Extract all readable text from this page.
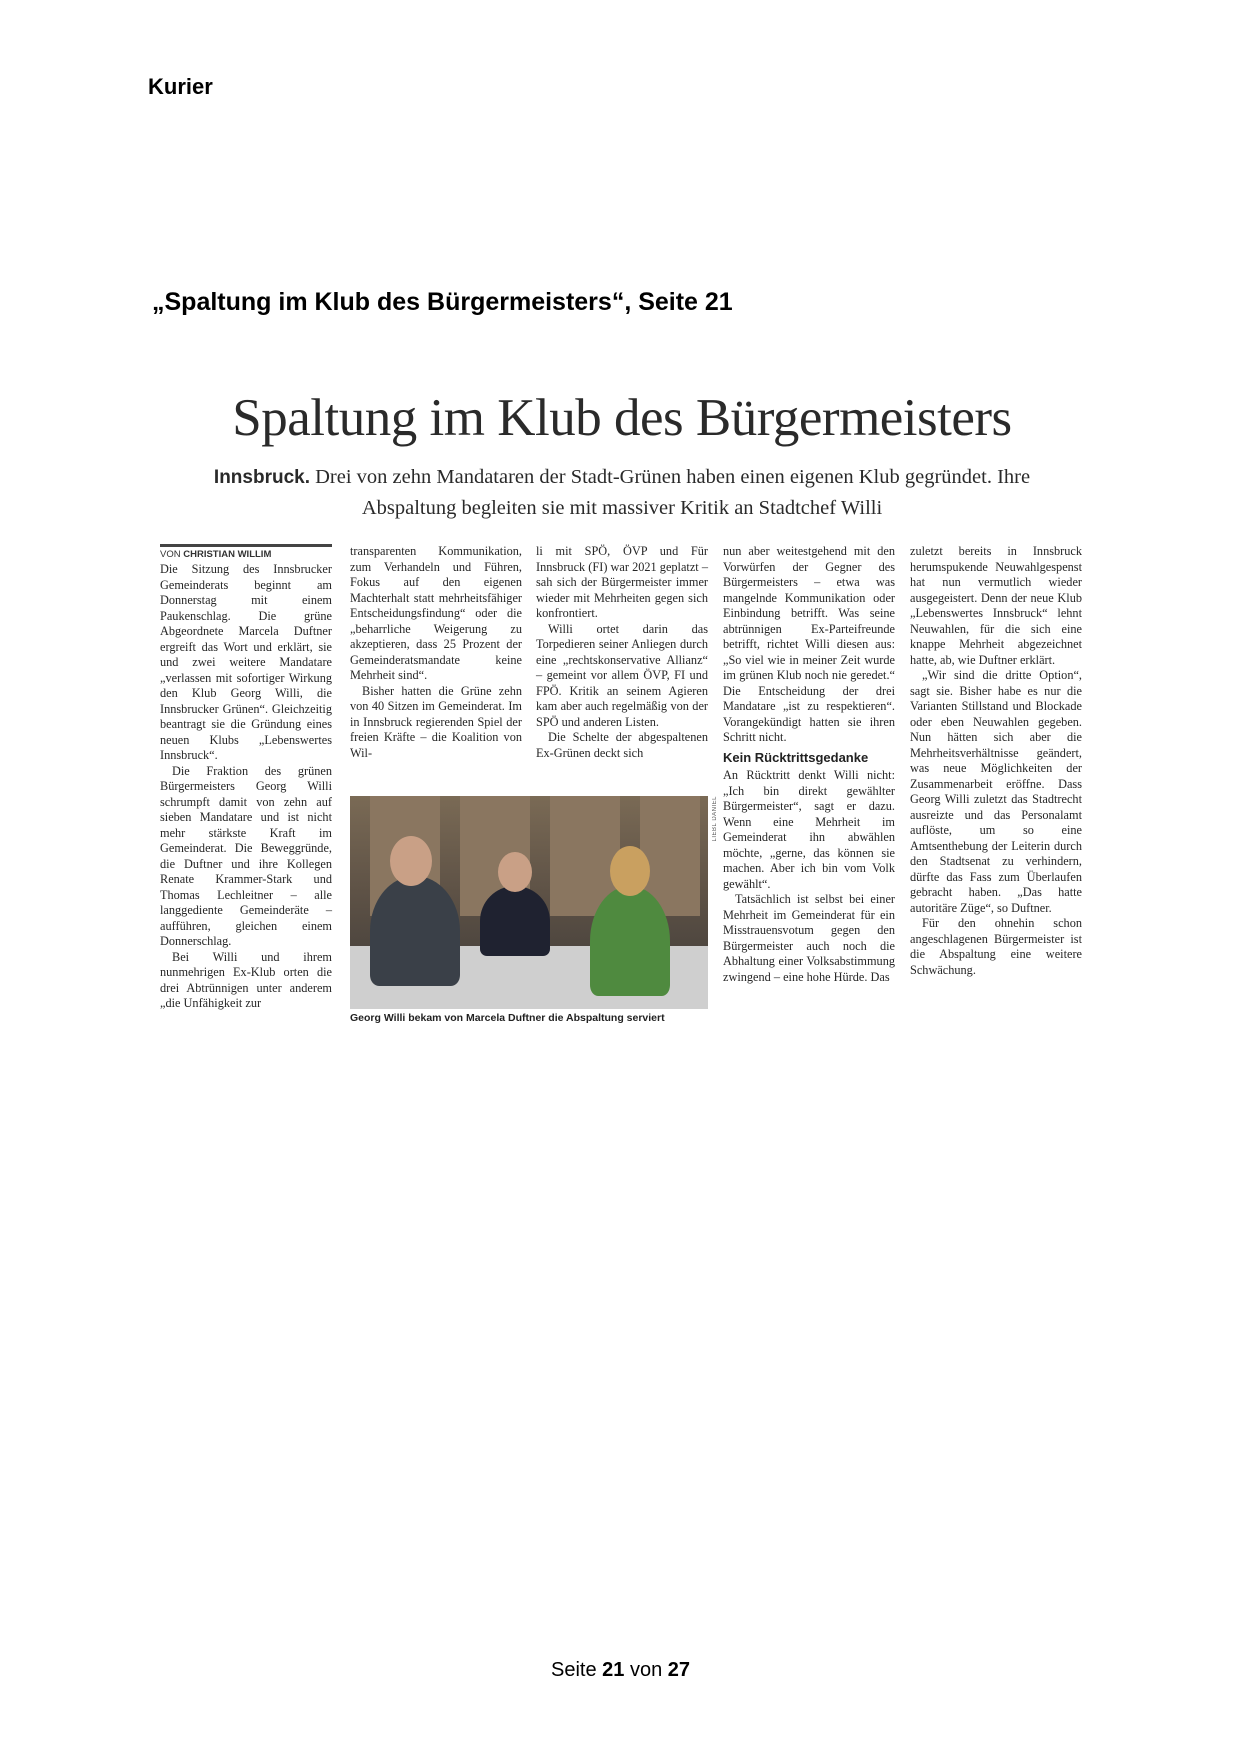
Kurier
„Spaltung im Klub des Bürgermeisters“, Seite 21
Spaltung im Klub des Bürgermeisters
Innsbruck. Drei von zehn Mandataren der Stadt-Grünen haben einen eigenen Klub gegründet. Ihre Abspaltung begleiten sie mit massiver Kritik an Stadtchef Willi
VON CHRISTIAN WILLIM

Die Sitzung des Innsbrucker Gemeinderats beginnt am Donnerstag mit einem Paukenschlag. Die grüne Abgeordnete Marcela Duftner ergreift das Wort und erklärt, sie und zwei weitere Mandatare „verlassen mit sofortiger Wirkung den Klub Georg Willi, die Innsbrucker Grünen“. Gleichzeitig beantragt sie die Gründung eines neuen Klubs „Lebenswertes Innsbruck“.

Die Fraktion des grünen Bürgermeisters Georg Willi schrumpft damit von zehn auf sieben Mandatare und ist nicht mehr stärkste Kraft im Gemeinderat. Die Beweggründe, die Duftner und ihre Kollegen Renate Krammer-Stark und Thomas Lechleitner – alle langgediente Gemeinderäte – aufführen, gleichen einem Donnerschlag.

Bei Willi und ihrem nunmehrigen Ex-Klub orten die drei Abtrünnigen unter anderem „die Unfähigkeit zur

transparenten Kommunikation, zum Verhandeln und Führen, Fokus auf den eigenen Machterhalt statt mehrheitsfähiger Entscheidungsfindung“ oder die „beharrliche Weigerung zu akzeptieren, dass 25 Prozent der Gemeinderatsmandate keine Mehrheit sind“.

Bisher hatten die Grüne zehn von 40 Sitzen im Gemeinderat. Im in Innsbruck regierenden Spiel der freien Kräfte – die Koalition von Wil-

li mit SPÖ, ÖVP und Für Innsbruck (FI) war 2021 geplatzt – sah sich der Bürgermeister immer wieder mit Mehrheiten gegen sich konfrontiert.

Willi ortet darin das Torpedieren seiner Anliegen durch eine „rechtskonservative Allianz“ – gemeint vor allem ÖVP, FI und FPÖ. Kritik an seinem Agieren kam aber auch regelmäßig von der SPÖ und anderen Listen.

Die Schelte der abgespaltenen Ex-Grünen deckt sich

nun aber weitestgehend mit den Vorwürfen der Gegner des Bürgermeisters – etwa was mangelnde Kommunikation oder Einbindung betrifft. Was seine abtrünnigen Ex-Parteifreunde betrifft, richtet Willi diesen aus: „So viel wie in meiner Zeit wurde im grünen Klub noch nie geredet.“ Die Entscheidung der drei Mandatare „ist zu respektieren“. Vorangekündigt hatten sie ihren Schritt nicht.

Kein Rücktrittsgedanke

An Rücktritt denkt Willi nicht: „Ich bin direkt gewählter Bürgermeister“, sagt er dazu. Wenn eine Mehrheit im Gemeinderat ihn abwählen möchte, „gerne, das können sie machen. Aber ich bin vom Volk gewählt“.

Tatsächlich ist selbst bei einer Mehrheit im Gemeinderat für ein Misstrauensvotum gegen den Bürgermeister auch noch die Abhaltung einer Volksabstimmung zwingend – eine hohe Hürde. Das

zuletzt bereits in Innsbruck herumspukende Neuwahlgespenst hat nun vermutlich wieder ausgegeistert. Denn der neue Klub „Lebenswertes Innsbruck“ lehnt Neuwahlen, für die sich eine knappe Mehrheit abgezeichnet hatte, ab, wie Duftner erklärt.

„Wir sind die dritte Option“, sagt sie. Bisher habe es nur die Varianten Stillstand und Blockade oder eben Neuwahlen gegeben. Nun hätten sich aber die Mehrheitsverhältnisse geändert, was neue Möglichkeiten der Zusammenarbeit eröffne. Dass Georg Willi zuletzt das Stadtrecht ausreizte und das Personalamt auflöste, um so eine Amtsenthebung der Leiterin durch den Stadtsenat zu verhindern, dürfte das Fass zum Überlaufen gebracht haben. „Das hatte autoritäre Züge“, so Duftner.

Für den ohnehin schon angeschlagenen Bürgermeister ist die Abspaltung eine weitere Schwächung.

LIEBL DANIEL
Georg Willi bekam von Marcela Duftner die Abspaltung serviert
Seite 21 von 27
